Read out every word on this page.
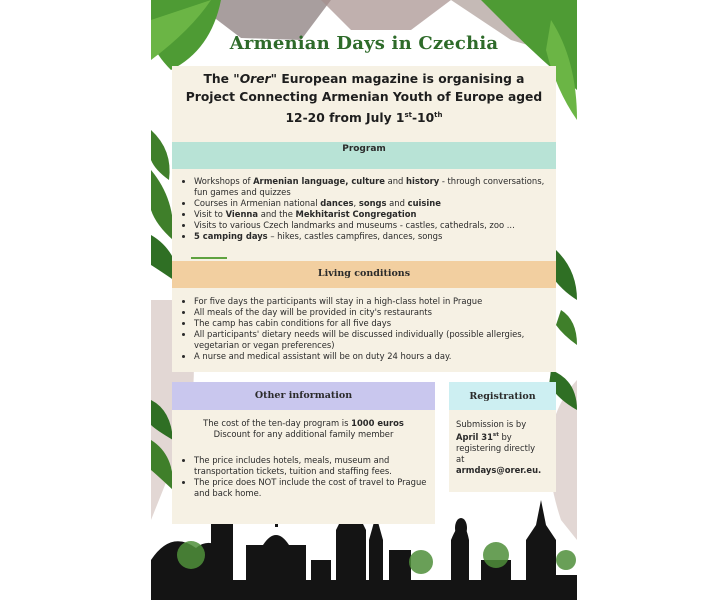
Armenian Days in Czechia
The "Orer" European magazine is organising a
Project Connecting Armenian Youth of Europe aged
12-20 from July 1st-10th
Program
• Workshops of Armenian language, culture and history - through conversations, fun games and quizzes
• Courses in Armenian national dances, songs and cuisine
• Visit to Vienna and the Mekhitarist Congregation
• Visits to various Czech landmarks and museums - castles, cathedrals, zoo ...
• 5 camping days – hikes, castles campfires, dances, songs
Living conditions
• For five days the participants will stay in a high-class hotel in Prague
• All meals of the day will be provided in city's restaurants
• The camp has cabin conditions for all five days
• All participants' dietary needs will be discussed individually (possible allergies, vegetarian or vegan preferences)
• A nurse and medical assistant will be on duty 24 hours a day.
Other information
The cost of the ten-day program is 1000 euros
Discount for any additional family member
• The price includes hotels, meals, museum and transportation tickets, tuition and staffing fees.
• The price does NOT include the cost of travel to Prague and back home.
Registration
Submission is by
April 31st by
registering directly
at
armdays@orer.eu.
